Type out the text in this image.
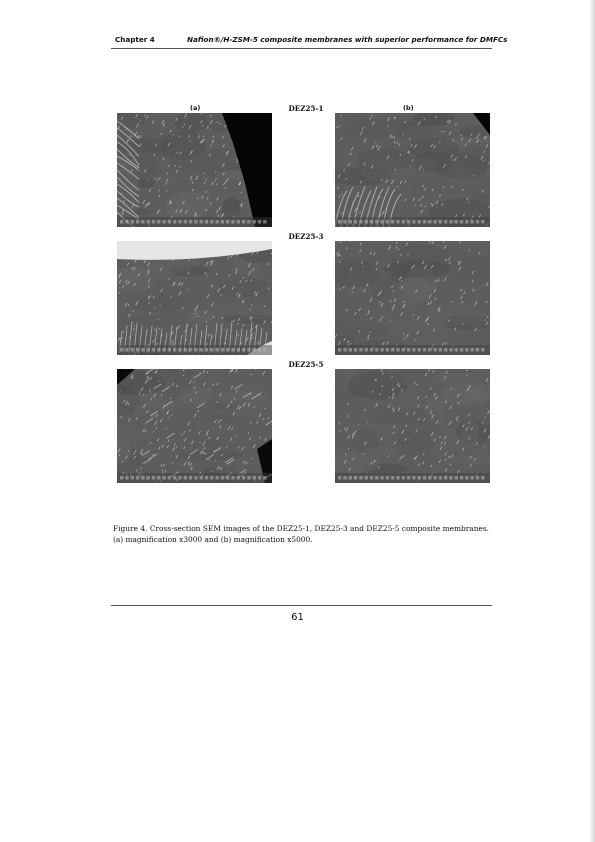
Chapter 4	Nafion®/H-ZSM-5 composite membranes with superior performance for DMFCs
(a)	(b)
DEZ25-1
DEZ25-3
DEZ25-5

Figure 4. Cross-section SEM images of the DEZ25-1, DEZ25-3 and DEZ25-5 composite membranes. (a) magnification x3000 and (b) magnification x5000.

61
